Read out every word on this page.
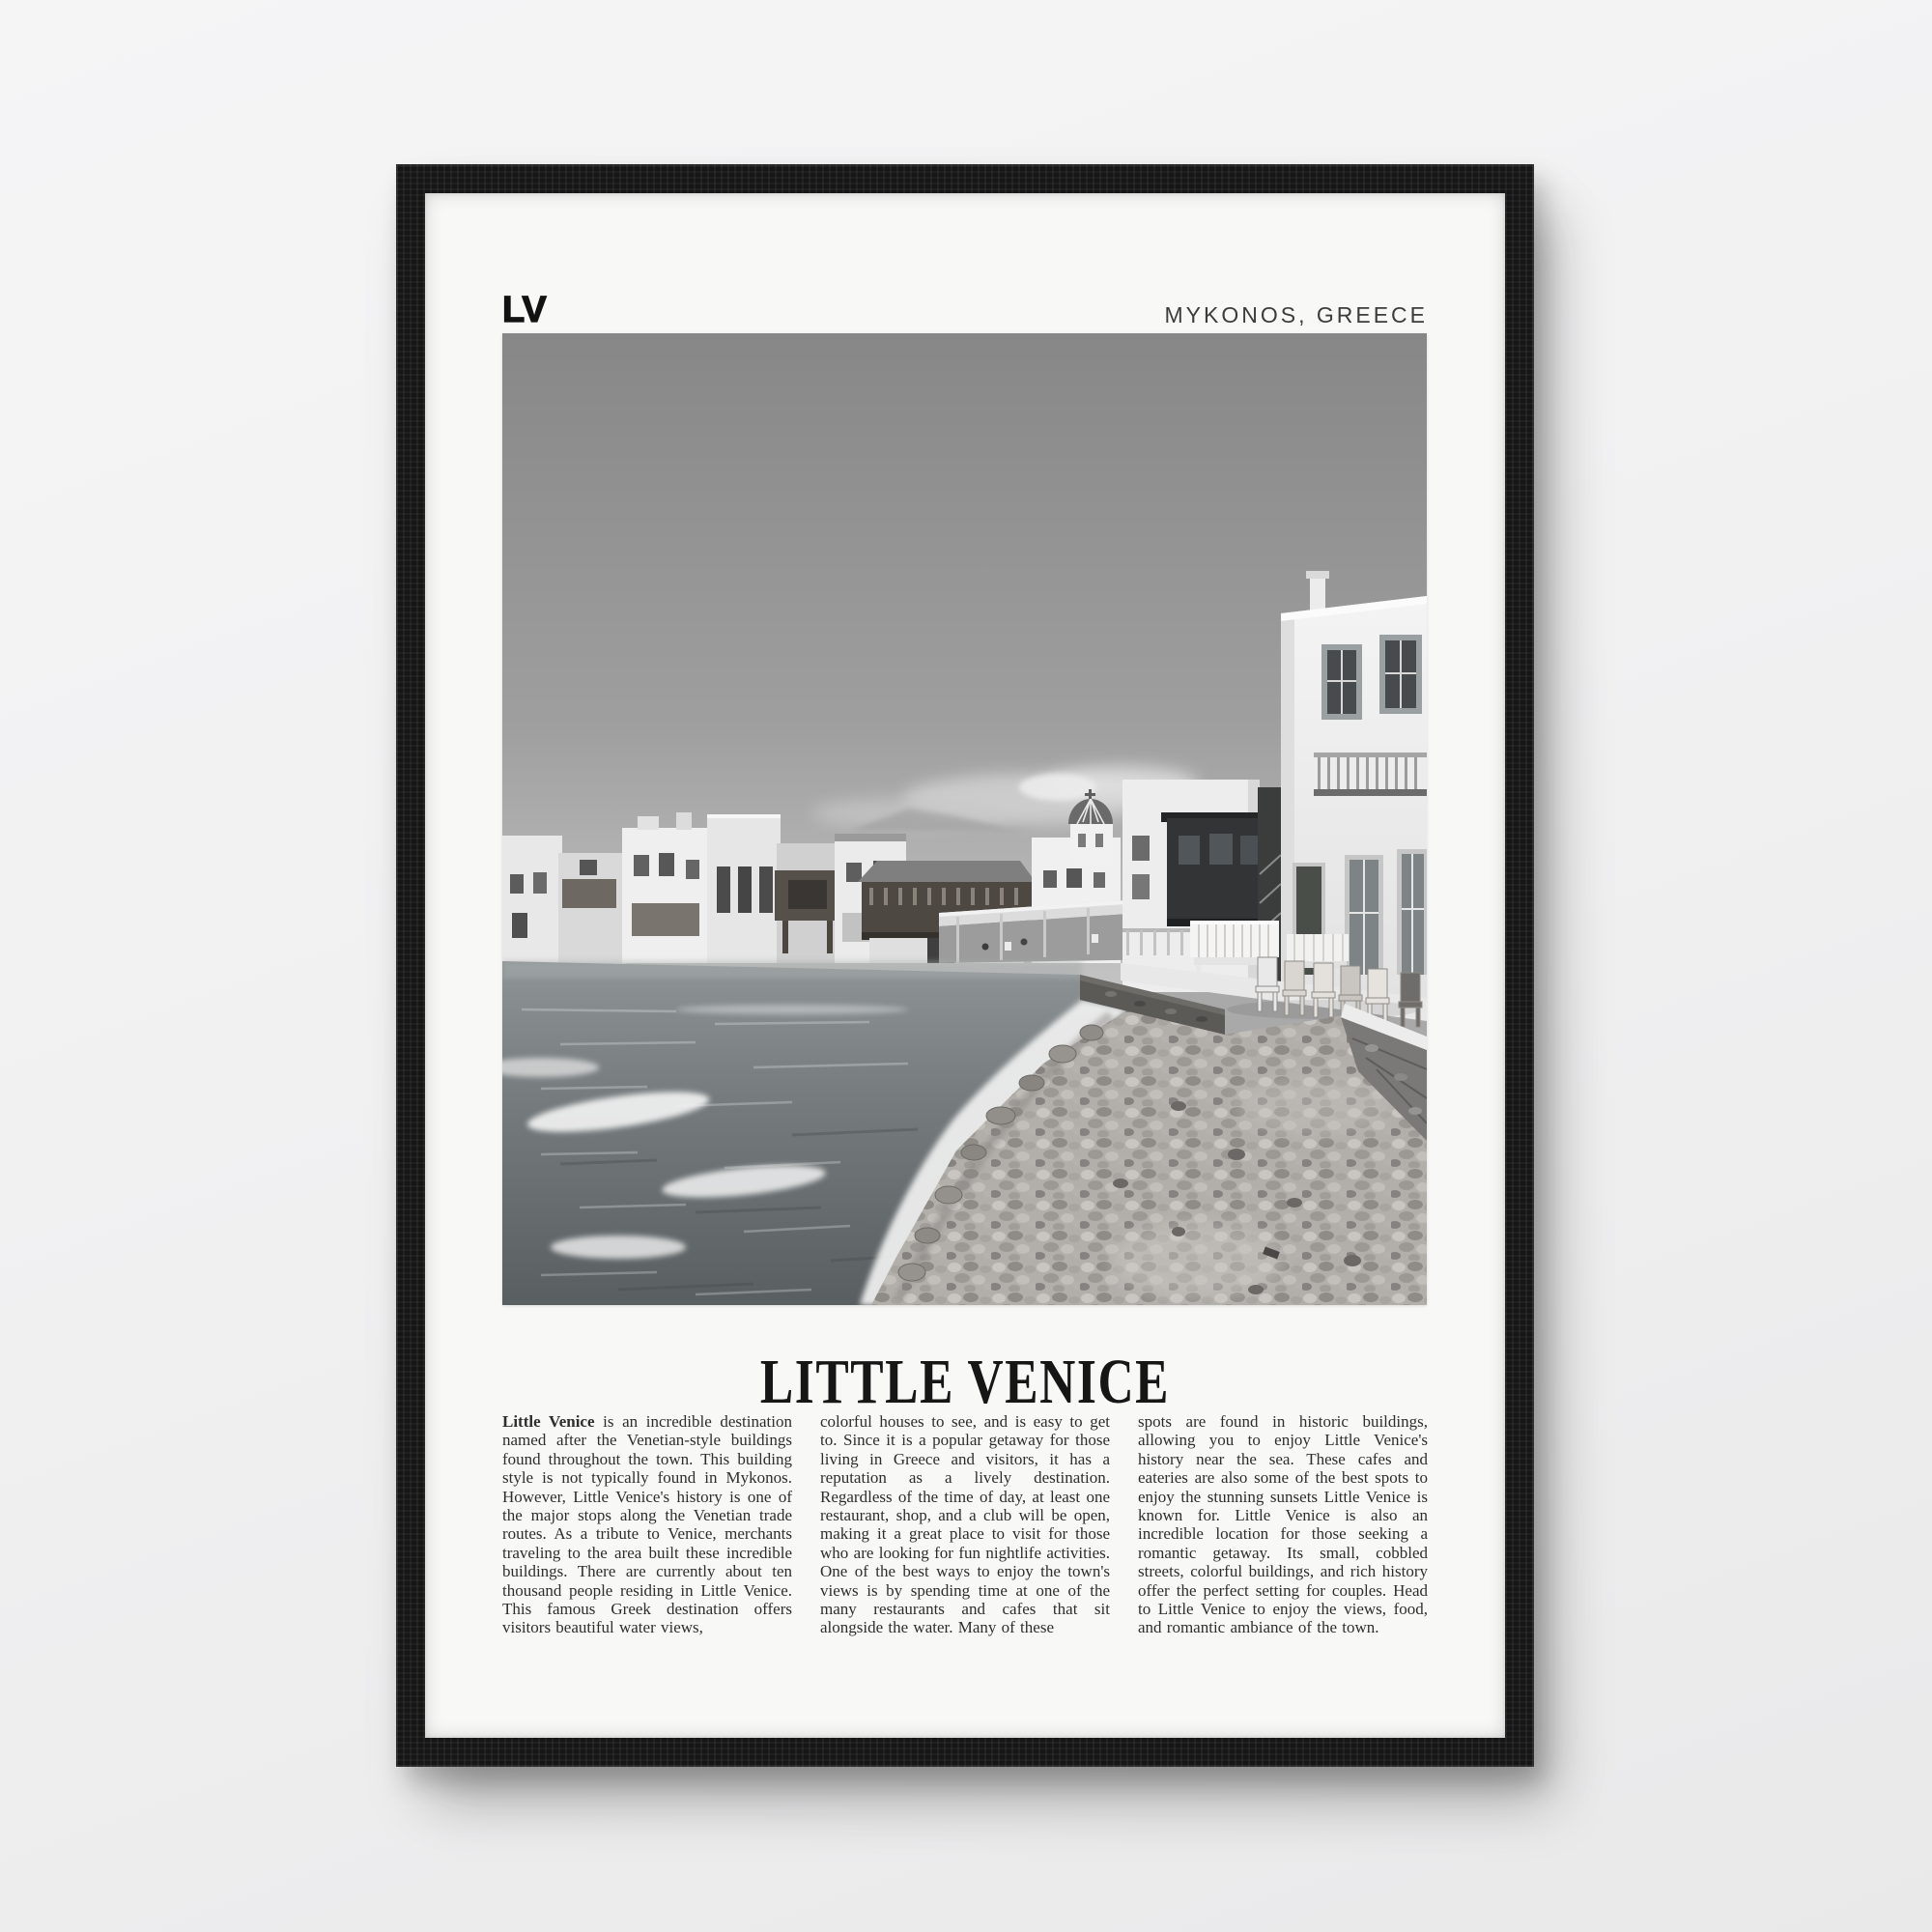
LV	MYKONOS, GREECE
LITTLE VENICE
Little Venice is an incredible destination named after the Venetian-style buildings found throughout the town. This building style is not typically found in Mykonos. However, Little Venice's history is one of the major stops along the Venetian trade routes. As a tribute to Venice, merchants traveling to the area built these incredible buildings. There are currently about ten thousand people residing in Little Venice. This famous Greek destination offers visitors beautiful water views,
colorful houses to see, and is easy to get to. Since it is a popular getaway for those living in Greece and visitors, it has a reputation as a lively destination. Regardless of the time of day, at least one restaurant, shop, and a club will be open, making it a great place to visit for those who are looking for fun nightlife activities. One of the best ways to enjoy the town's views is by spending time at one of the many restaurants and cafes that sit alongside the water. Many of these
spots are found in historic buildings, allowing you to enjoy Little Venice's history near the sea. These cafes and eateries are also some of the best spots to enjoy the stunning sunsets Little Venice is known for. Little Venice is also an incredible location for those seeking a romantic getaway. Its small, cobbled streets, colorful buildings, and rich history offer the perfect setting for couples. Head to Little Venice to enjoy the views, food, and romantic ambiance of the town.
